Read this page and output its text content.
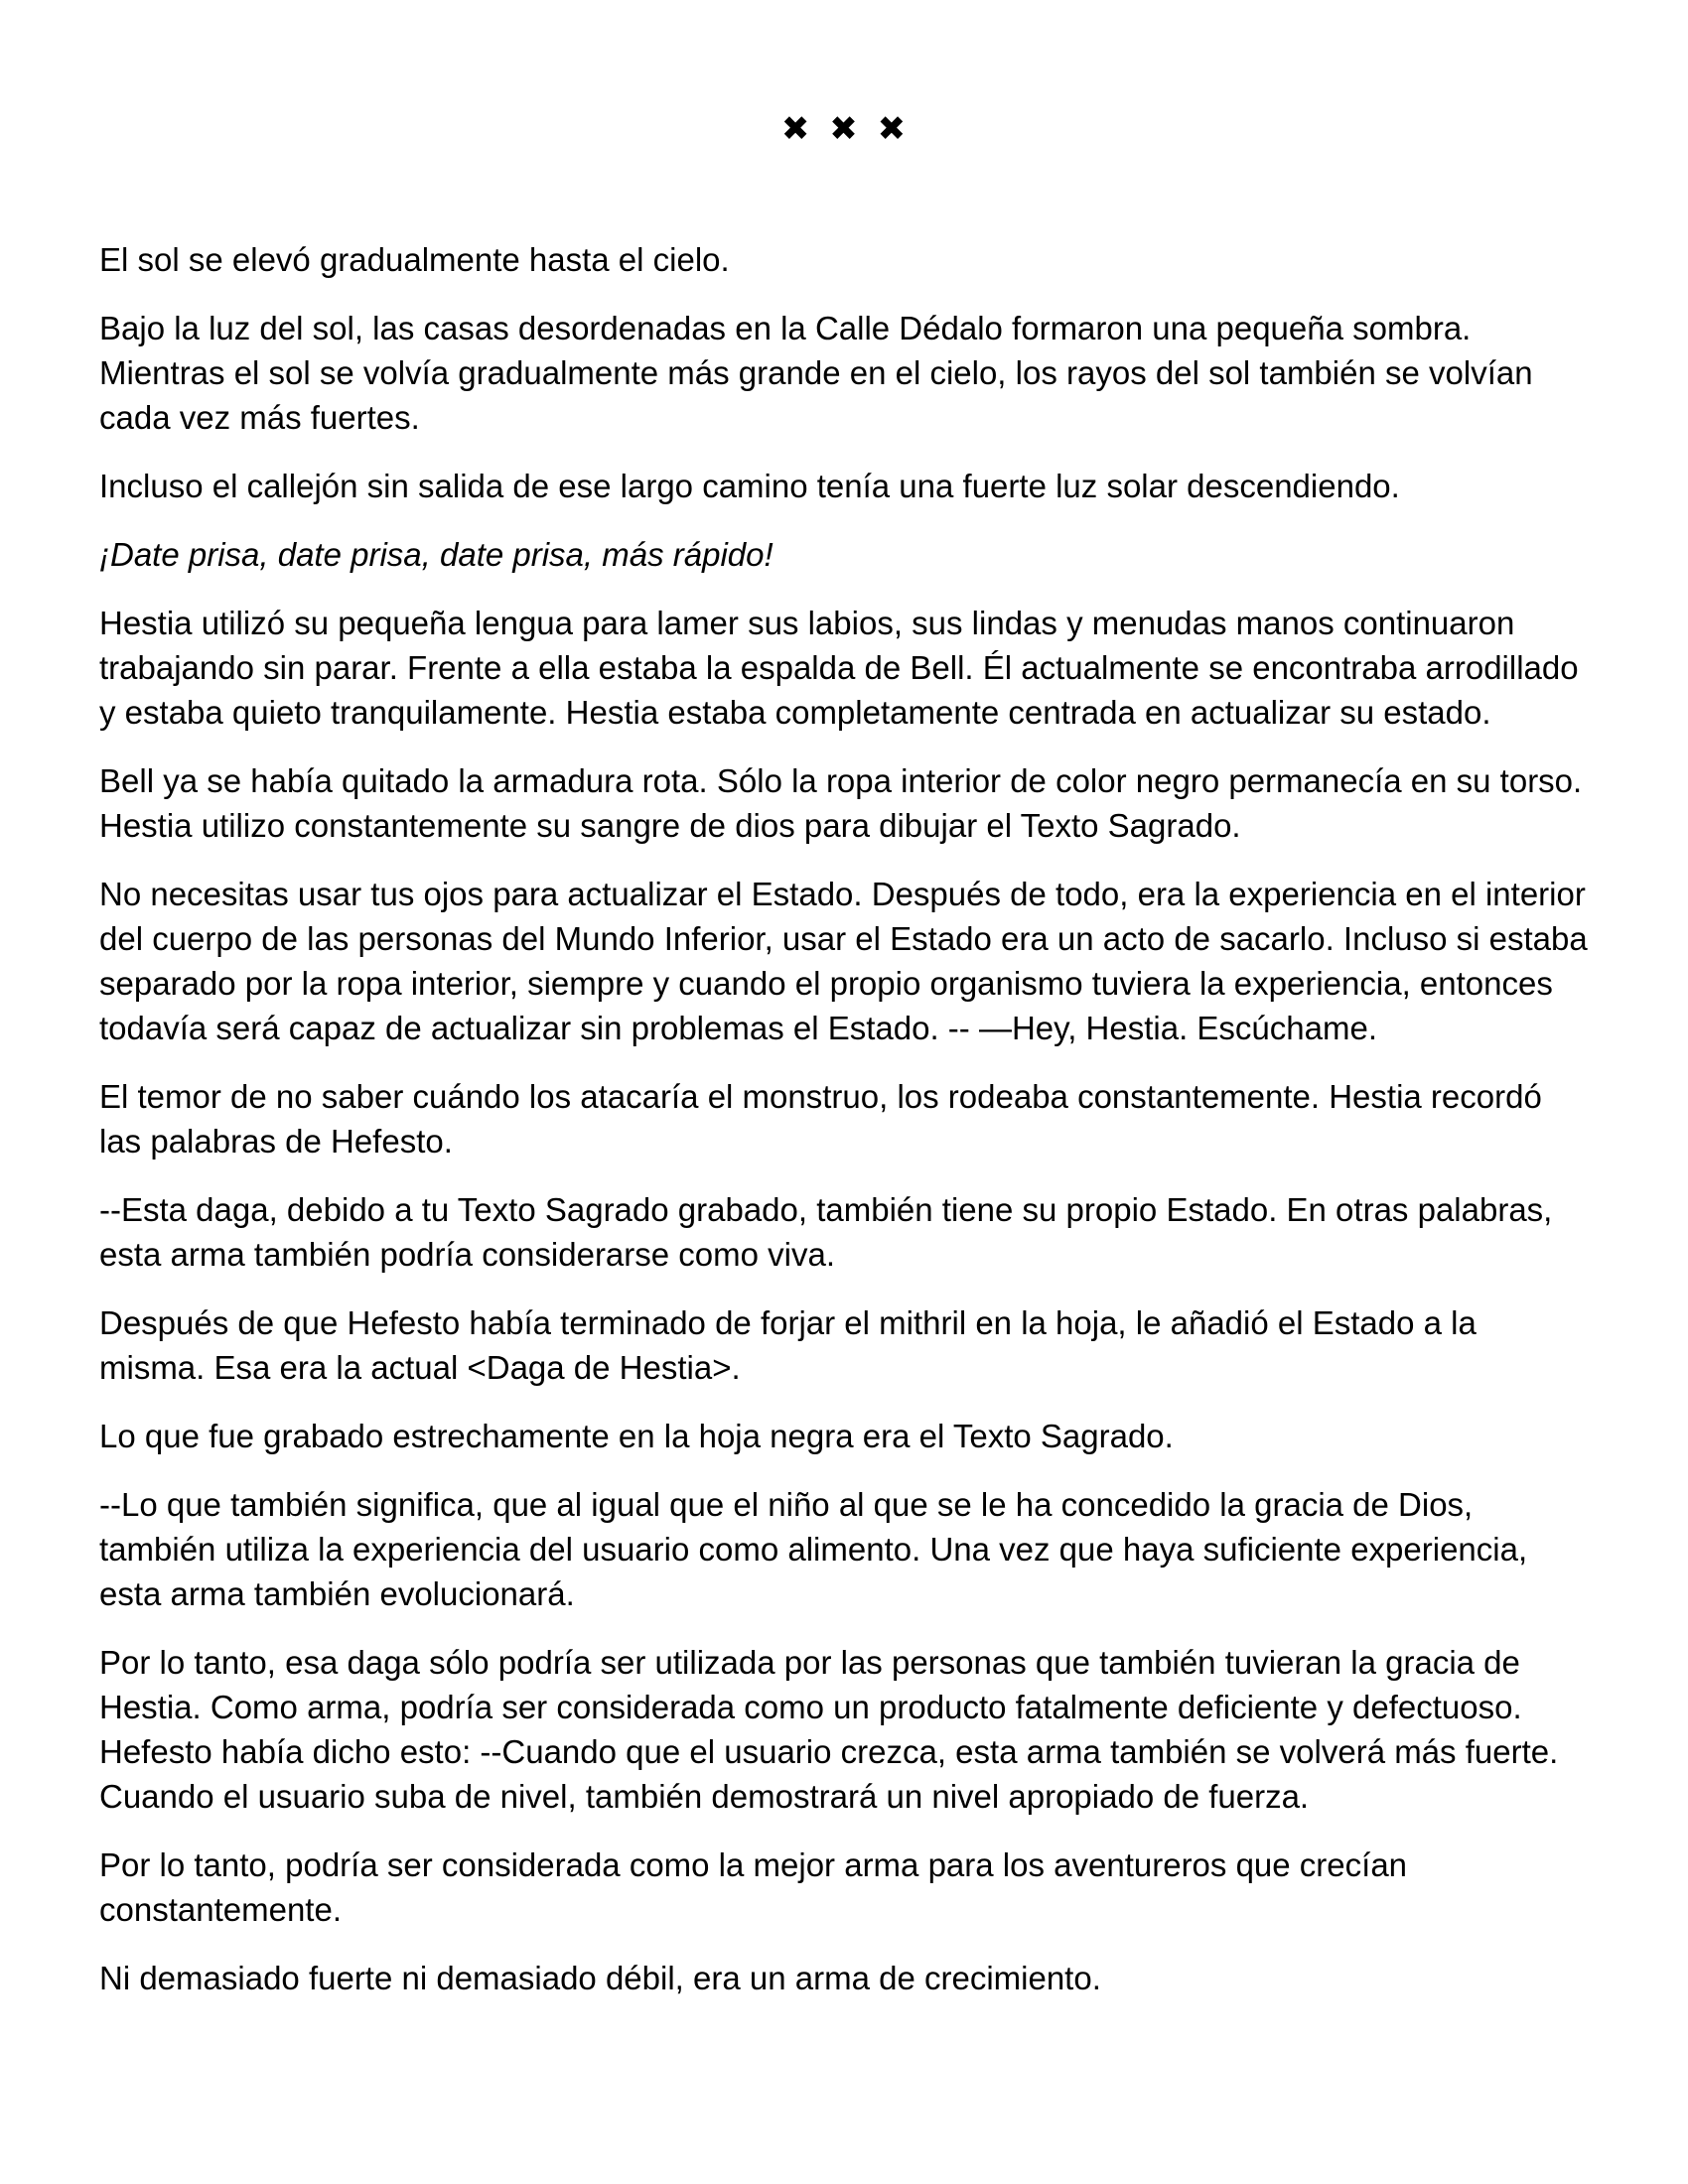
✖ ✖ ✖

El sol se elevó gradualmente hasta el cielo.

Bajo la luz del sol, las casas desordenadas en la Calle Dédalo formaron una pequeña sombra. Mientras el sol se volvía gradualmente más grande en el cielo, los rayos del sol también se volvían cada vez más fuertes.

Incluso el callejón sin salida de ese largo camino tenía una fuerte luz solar descendiendo.

¡Date prisa, date prisa, date prisa, más rápido!

Hestia utilizó su pequeña lengua para lamer sus labios, sus lindas y menudas manos continuaron trabajando sin parar. Frente a ella estaba la espalda de Bell. Él actualmente se encontraba arrodillado y estaba quieto tranquilamente. Hestia estaba completamente centrada en actualizar su estado.

Bell ya se había quitado la armadura rota. Sólo la ropa interior de color negro permanecía en su torso. Hestia utilizo constantemente su sangre de dios para dibujar el Texto Sagrado.

No necesitas usar tus ojos para actualizar el Estado. Después de todo, era la experiencia en el interior del cuerpo de las personas del Mundo Inferior, usar el Estado era un acto de sacarlo. Incluso si estaba separado por la ropa interior, siempre y cuando el propio organismo tuviera la experiencia, entonces todavía será capaz de actualizar sin problemas el Estado. -- —Hey, Hestia. Escúchame.

El temor de no saber cuándo los atacaría el monstruo, los rodeaba constantemente. Hestia recordó las palabras de Hefesto.

--Esta daga, debido a tu Texto Sagrado grabado, también tiene su propio Estado. En otras palabras, esta arma también podría considerarse como viva.

Después de que Hefesto había terminado de forjar el mithril en la hoja, le añadió el Estado a la misma. Esa era la actual <Daga de Hestia>.

Lo que fue grabado estrechamente en la hoja negra era el Texto Sagrado.

--Lo que también significa, que al igual que el niño al que se le ha concedido la gracia de Dios, también utiliza la experiencia del usuario como alimento. Una vez que haya suficiente experiencia, esta arma también evolucionará.

Por lo tanto, esa daga sólo podría ser utilizada por las personas que también tuvieran la gracia de Hestia. Como arma, podría ser considerada como un producto fatalmente deficiente y defectuoso. Hefesto había dicho esto: --Cuando que el usuario crezca, esta arma también se volverá más fuerte. Cuando el usuario suba de nivel, también demostrará un nivel apropiado de fuerza.

Por lo tanto, podría ser considerada como la mejor arma para los aventureros que crecían constantemente.

Ni demasiado fuerte ni demasiado débil, era un arma de crecimiento.
